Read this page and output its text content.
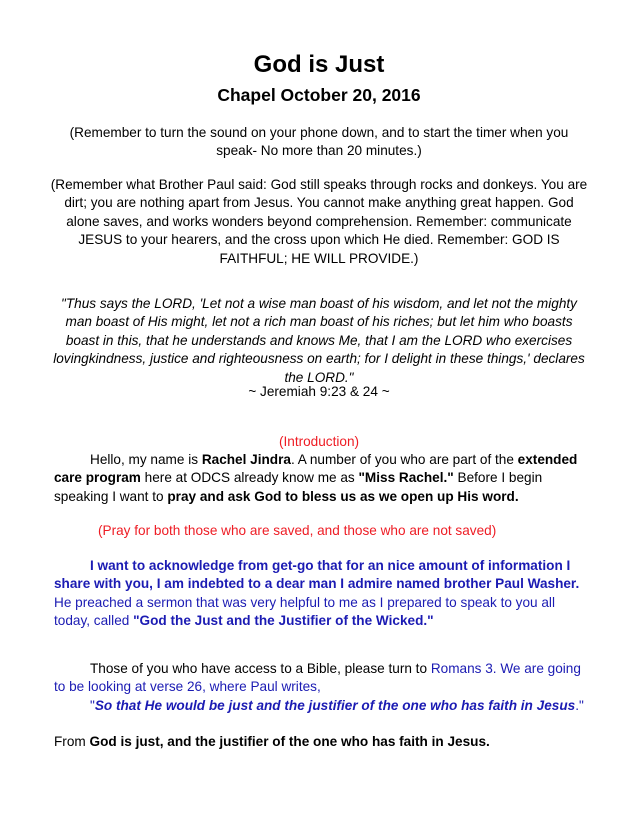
God is Just
Chapel October 20, 2016
(Remember to turn the sound on your phone down, and to start the timer when you speak- No more than 20 minutes.)
(Remember what Brother Paul said: God still speaks through rocks and donkeys. You are dirt; you are nothing apart from Jesus. You cannot make anything great happen. God alone saves, and works wonders beyond comprehension. Remember: communicate JESUS to your hearers, and the cross upon which He died. Remember: GOD IS FAITHFUL; HE WILL PROVIDE.)
"Thus says the LORD, 'Let not a wise man boast of his wisdom, and let not the mighty man boast of His might, let not a rich man boast of his riches; but let him who boasts boast in this, that he understands and knows Me, that I am the LORD who exercises lovingkindness, justice and righteousness on earth; for I delight in these things,' declares the LORD."
~ Jeremiah 9:23 & 24 ~
(Introduction)
Hello, my name is Rachel Jindra. A number of you who are part of the extended care program here at ODCS already know me as "Miss Rachel." Before I begin speaking I want to pray and ask God to bless us as we open up His word.
(Pray for both those who are saved, and those who are not saved)
I want to acknowledge from get-go that for an nice amount of information I share with you, I am indebted to a dear man I admire named brother Paul Washer. He preached a sermon that was very helpful to me as I prepared to speak to you all today, called "God the Just and the Justifier of the Wicked."
Those of you who have access to a Bible, please turn to Romans 3. We are going to be looking at verse 26, where Paul writes,
"So that He would be just and the justifier of the one who has faith in Jesus."
From God is just, and the justifier of the one who has faith in Jesus.
